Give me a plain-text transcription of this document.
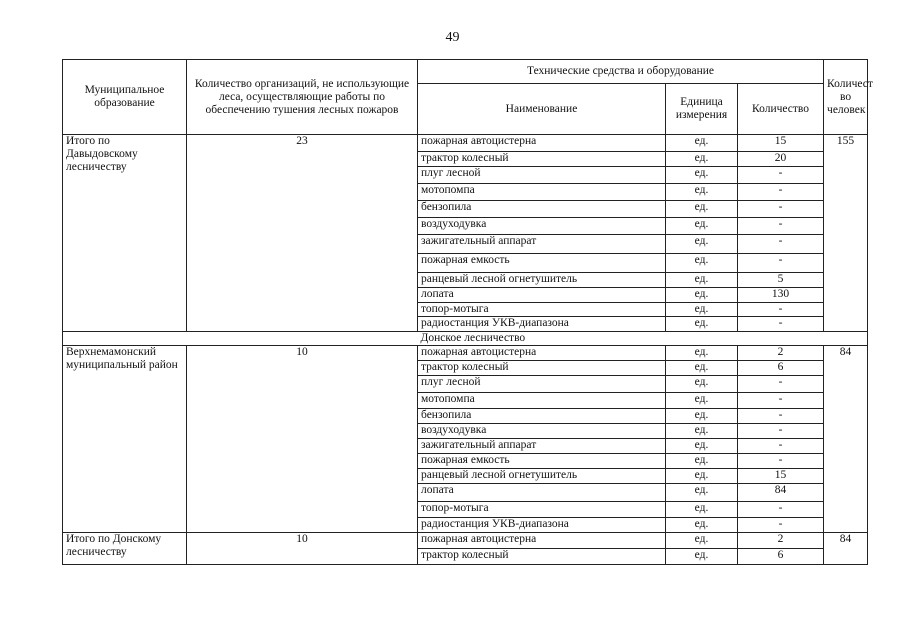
49
Муниципальное образование	Количество организаций, не использующие леса, осуществляющие работы по обеспечению тушения лесных пожаров	Технические средства и оборудование			Количест во человек
		Наименование	Единица измерения	Количество	
Итого по Давыдовскому лесничеству	23	пожарная автоцистерна	ед.	15	155
		трактор колесный	ед.	20	
		плуг лесной	ед.	-	
		мотопомпа	ед.	-	
		бензопила	ед.	-	
		воздуходувка	ед.	-	
		зажигательный аппарат	ед.	-	
		пожарная емкость	ед.	-	
		ранцевый лесной огнетушитель	ед.	5	
		лопата	ед.	130	
		топор-мотыга	ед.	-	
		радиостанция УКВ-диапазона	ед.	-	
		Донское лесничество			
Верхнемамонский муниципальный район	10	пожарная автоцистерна	ед.	2	84
		трактор колесный	ед.	6	
		плуг лесной	ед.	-	
		мотопомпа	ед.	-	
		бензопила	ед.	-	
		воздуходувка	ед.	-	
		зажигательный аппарат	ед.	-	
		пожарная емкость	ед.	-	
		ранцевый лесной огнетушитель	ед.	15	
		лопата	ед.	84	
		топор-мотыга	ед.	-	
		радиостанция УКВ-диапазона	ед.	-	
Итого по Донскому лесничеству	10	пожарная автоцистерна	ед.	2	84
		трактор колесный	ед.	6	
